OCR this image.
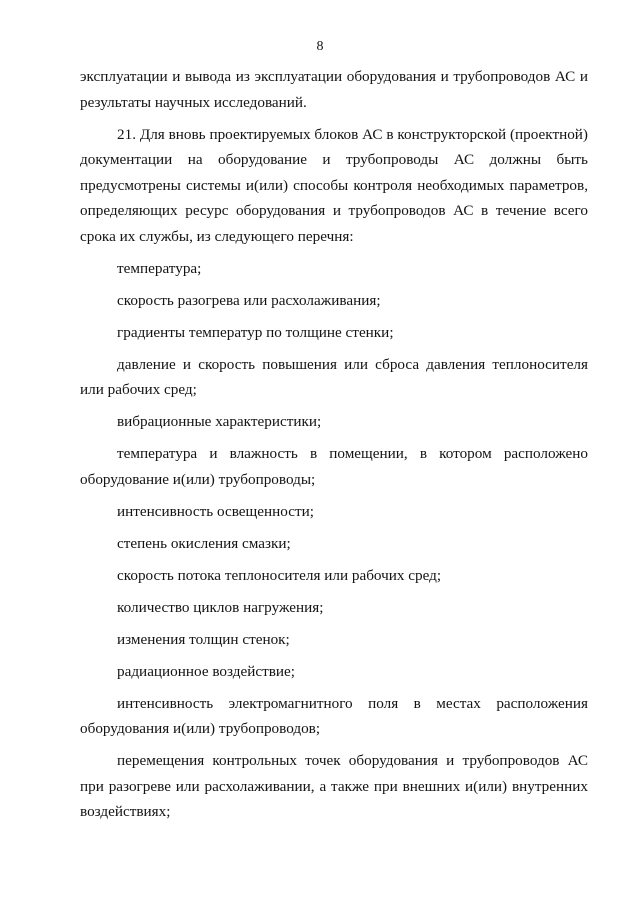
8

эксплуатации и вывода из эксплуатации оборудования и трубопроводов АС и результаты научных исследований.

21. Для вновь проектируемых блоков АС в конструкторской (проектной) документации на оборудование и трубопроводы АС должны быть предусмотрены системы и(или) способы контроля необходимых параметров, определяющих ресурс оборудования и трубопроводов АС в течение всего срока их службы, из следующего перечня:

температура;

скорость разогрева или расхолаживания;

градиенты температур по толщине стенки;

давление и скорость повышения или сброса давления теплоносителя или рабочих сред;

вибрационные характеристики;

температура и влажность в помещении, в котором расположено оборудование и(или) трубопроводы;

интенсивность освещенности;

степень окисления смазки;

скорость потока теплоносителя или рабочих сред;

количество циклов нагружения;

изменения толщин стенок;

радиационное воздействие;

интенсивность электромагнитного поля в местах расположения оборудования и(или) трубопроводов;

перемещения контрольных точек оборудования и трубопроводов АС при разогреве или расхолаживании, а также при внешних и(или) внутренних воздействиях;
